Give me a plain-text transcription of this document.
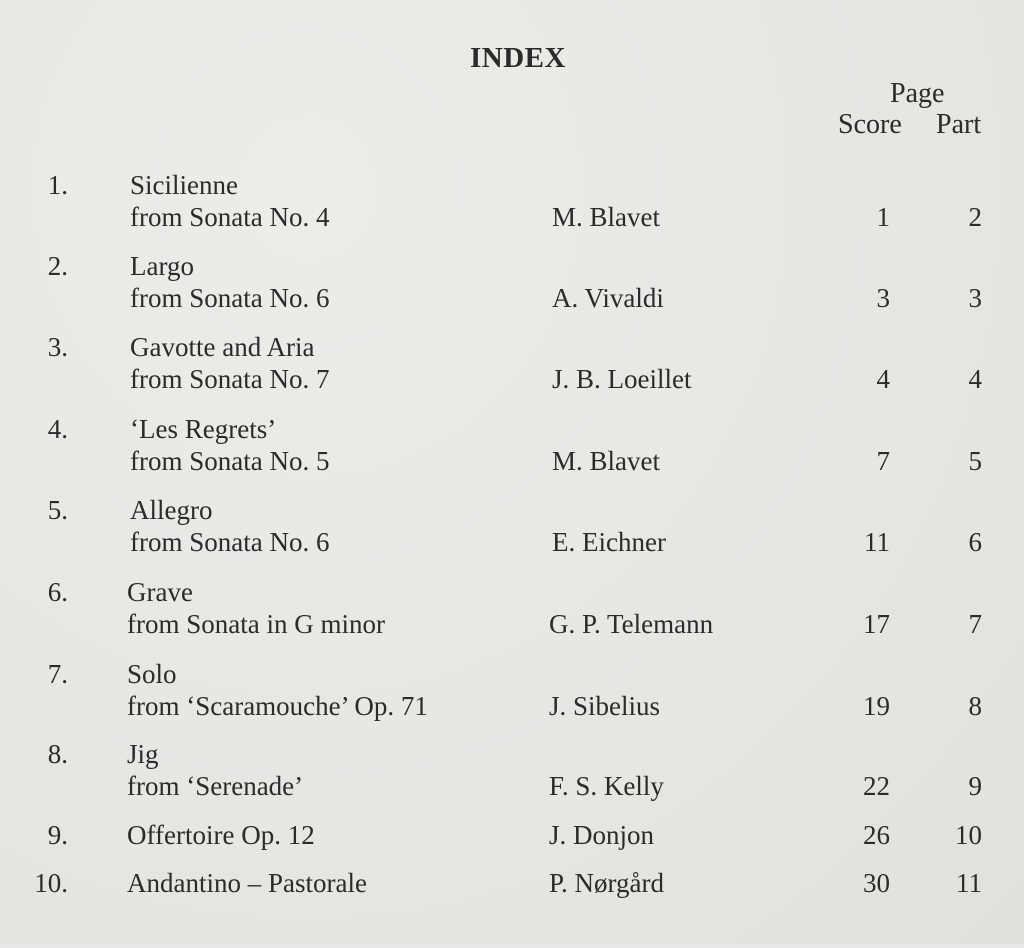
INDEX
Page
Score Part
1. Sicilienne
from Sonata No. 4	M. Blavet	1	2
2. Largo
from Sonata No. 6	A. Vivaldi	3	3
3. Gavotte and Aria
from Sonata No. 7	J. B. Loeillet	4	4
4. ‘Les Regrets’
from Sonata No. 5	M. Blavet	7	5
5. Allegro
from Sonata No. 6	E. Eichner	11	6
6. Grave
from Sonata in G minor	G. P. Telemann	17	7
7. Solo
from ‘Scaramouche’ Op. 71	J. Sibelius	19	8
8. Jig
from ‘Serenade’	F. S. Kelly	22	9
9. Offertoire Op. 12	J. Donjon	26 10
10. Andantino – Pastorale	P. Nørgård	30 11
